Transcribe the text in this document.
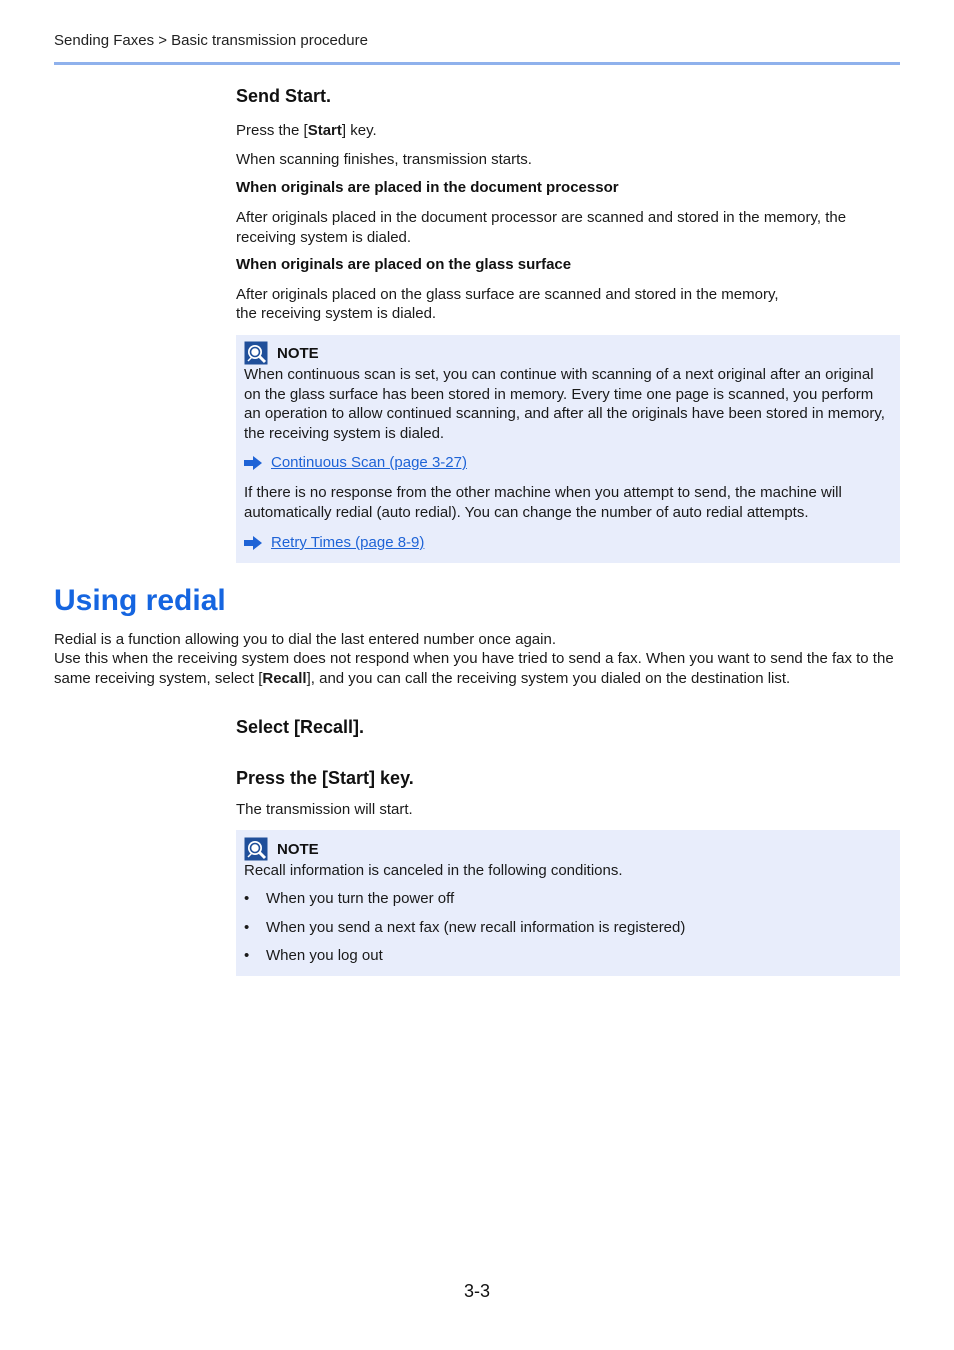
Sending Faxes > Basic transmission procedure
Send Start.

Press the [Start] key.

When scanning finishes, transmission starts.

When originals are placed in the document processor

After originals placed in the document processor are scanned and stored in the memory, the receiving system is dialed.

When originals are placed on the glass surface

After originals placed on the glass surface are scanned and stored in the memory,

the receiving system is dialed.

NOTE

When continuous scan is set, you can continue with scanning of a next original after an original on the glass surface has been stored in memory. Every time one page is scanned, you perform an operation to allow continued scanning, and after all the originals have been stored in memory, the receiving system is dialed.

Continuous Scan (page 3-27)

If there is no response from the other machine when you attempt to send, the machine will automatically redial (auto redial). You can change the number of auto redial attempts.

Retry Times (page 8-9)
Using redial

Redial is a function allowing you to dial the last entered number once again.

Use this when the receiving system does not respond when you have tried to send a fax. When you want to send the fax to the same receiving system, select [Recall], and you can call the receiving system you dialed on the destination list.

Select [Recall].
Press the [Start] key.

The transmission will start.

NOTE

Recall information is canceled in the following conditions.

•	When you turn the power off
•	When you send a next fax (new recall information is registered)
•	When you log out
3-3
